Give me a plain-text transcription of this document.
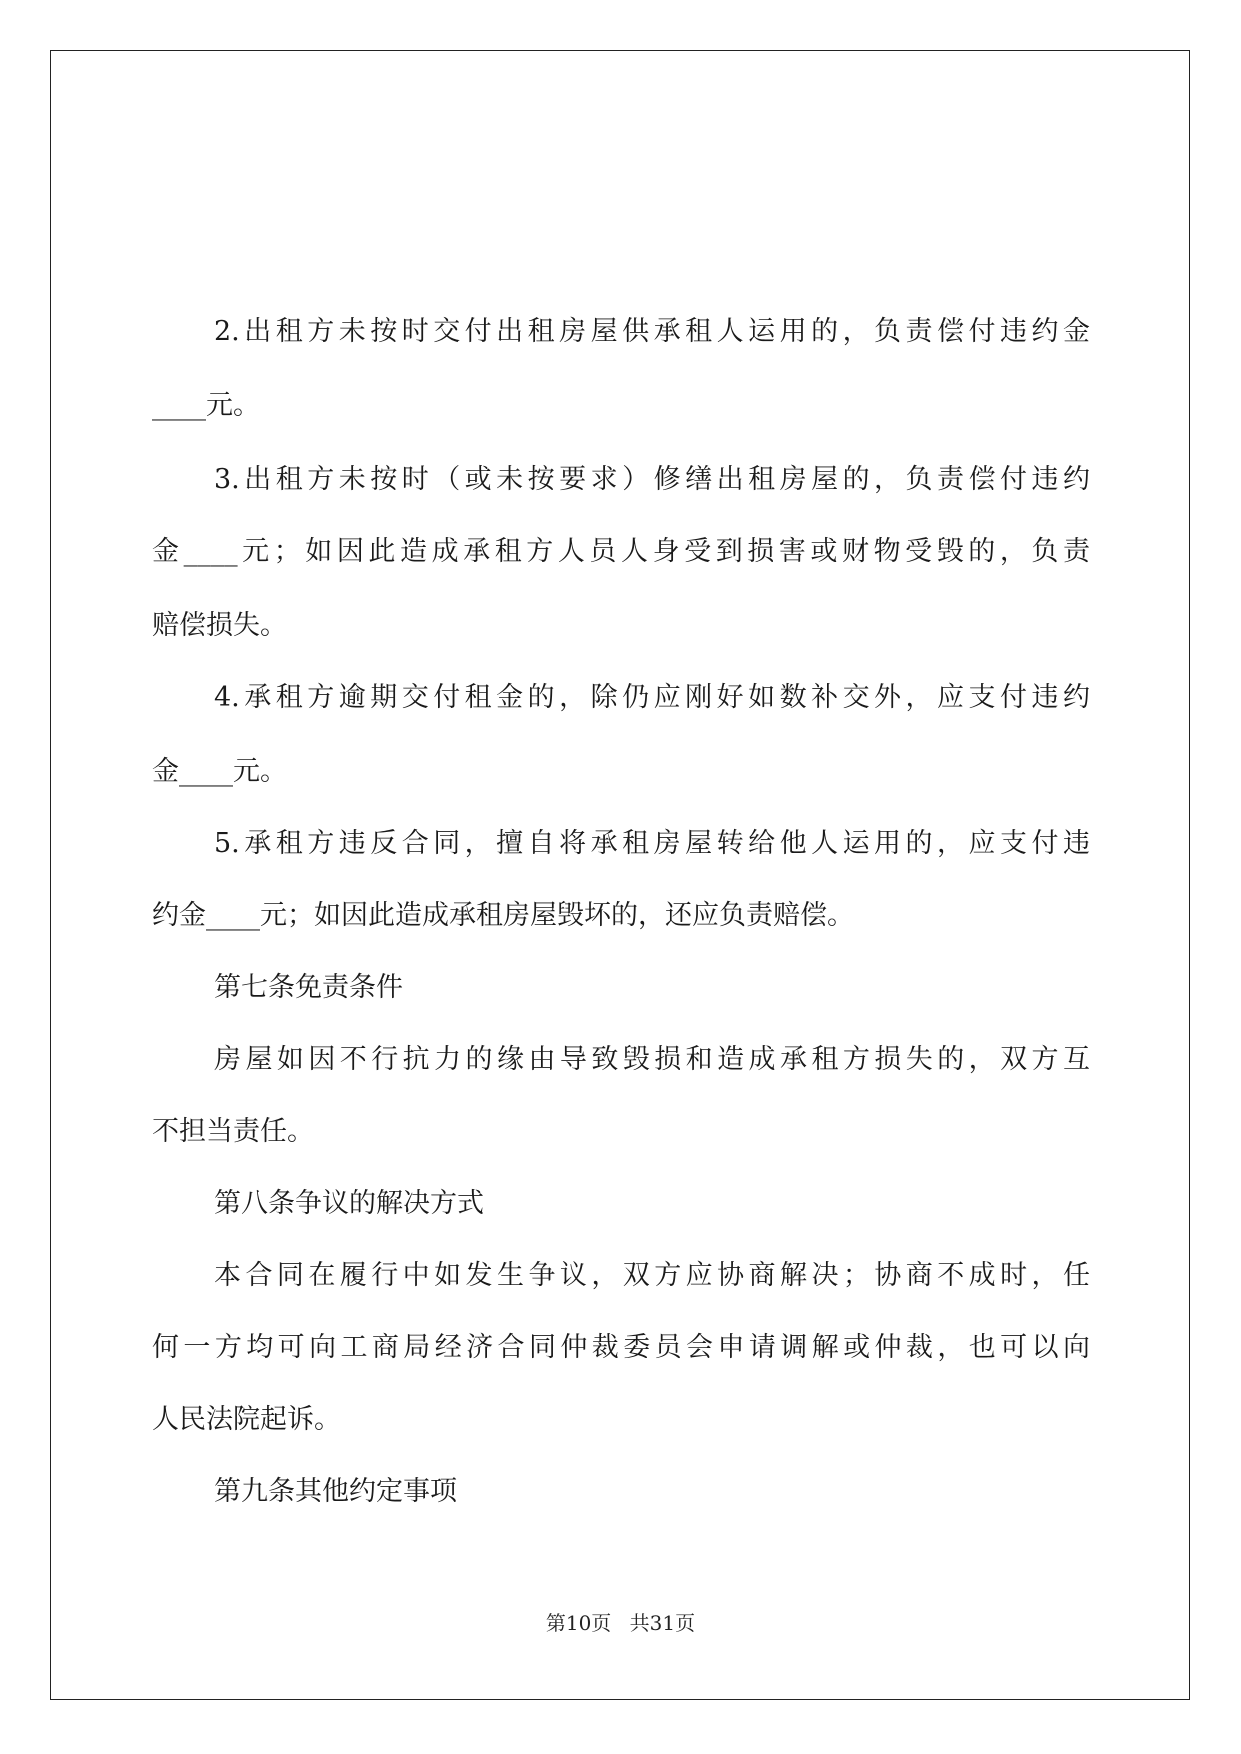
2.出租方未按时交付出租房屋供承租人运用的，负责偿付违约金
____元。
3.出租方未按时（或未按要求）修缮出租房屋的，负责偿付违约
金____元；如因此造成承租方人员人身受到损害或财物受毁的，负责
赔偿损失。
4.承租方逾期交付租金的，除仍应刚好如数补交外，应支付违约
金____元。
5.承租方违反合同，擅自将承租房屋转给他人运用的，应支付违
约金____元；如因此造成承租房屋毁坏的，还应负责赔偿。
第七条免责条件
房屋如因不行抗力的缘由导致毁损和造成承租方损失的，双方互
不担当责任。
第八条争议的解决方式
本合同在履行中如发生争议，双方应协商解决；协商不成时，任
何一方均可向工商局经济合同仲裁委员会申请调解或仲裁，也可以向
人民法院起诉。
第九条其他约定事项
第10页 共31页
